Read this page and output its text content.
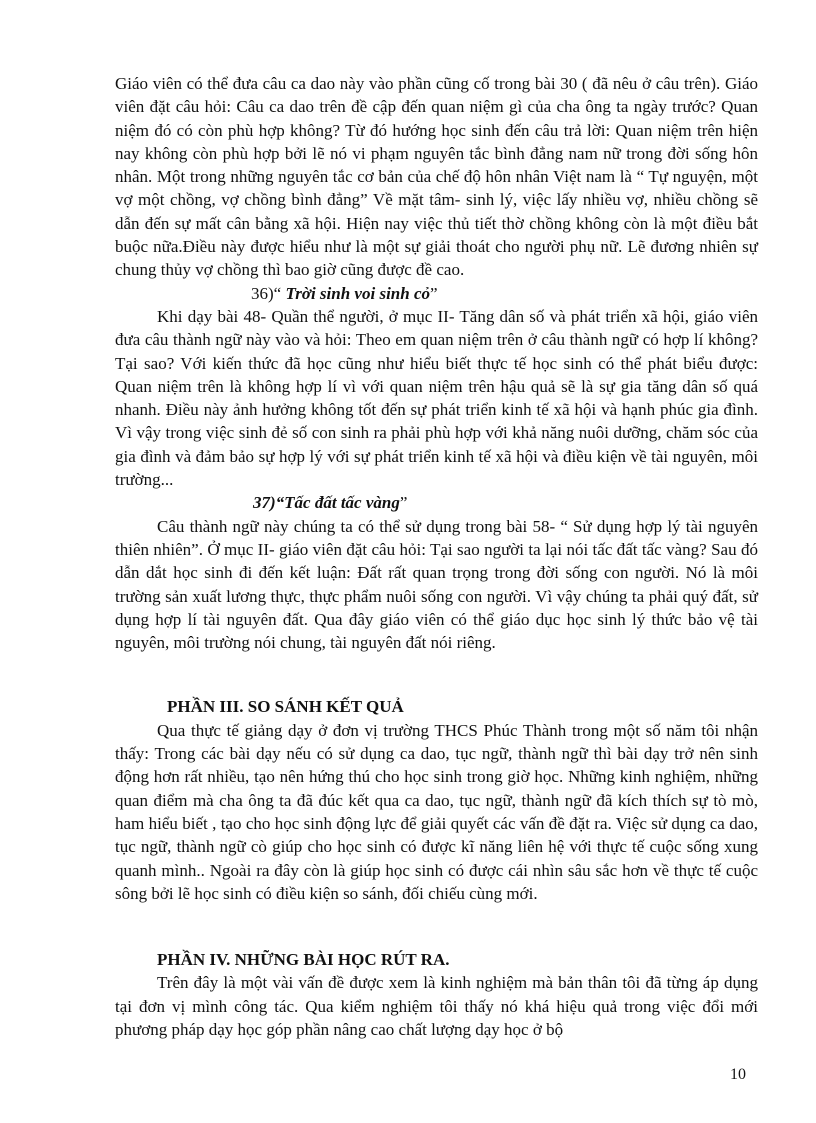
Giáo viên có thể đưa câu ca dao này vào phần cũng cố trong bài 30 ( đã nêu ở câu trên). Giáo viên đặt câu hỏi: Câu ca dao trên đề cập đến quan niệm gì của cha ông ta ngày trước? Quan niệm đó có còn phù hợp không? Từ đó hướng học sinh đến câu trả lời: Quan niệm trên hiện nay không còn phù hợp bởi lẽ nó vi phạm nguyên tắc bình đẳng nam nữ trong đời sống hôn nhân. Một trong những nguyên tắc cơ bản của chế độ hôn nhân Việt nam là “ Tự nguyện, một vợ một chồng, vợ chồng bình đẳng” Về mặt tâm- sinh lý, việc lấy nhiều vợ, nhiều chồng sẽ dẫn đến sự mất cân bằng xã hội. Hiện nay việc thủ tiết thờ chồng không còn là một điều bắt buộc nữa.Điều này được hiểu như là một sự giải thoát cho người phụ nữ. Lẽ đương nhiên sự chung thủy vợ chồng thì bao giờ cũng được đề cao.

36)“ Trời sinh voi sinh cỏ”

Khi dạy bài 48- Quần thể người, ở mục II- Tăng dân số và phát triển xã hội, giáo viên đưa câu thành ngữ này vào và hỏi: Theo em quan niệm trên ở câu thành ngữ có hợp lí không? Tại sao? Với kiến thức đã học cũng như hiểu biết thực tế học sinh có thể phát biểu được: Quan niệm trên là không hợp lí vì với quan niệm trên hậu quả sẽ là sự gia tăng dân số quá nhanh. Điều này ảnh hưởng không tốt đến sự phát triển kinh tế xã hội và hạnh phúc gia đình. Vì vậy trong việc sinh đẻ số con sinh ra phải phù hợp với khả năng nuôi dưỡng, chăm sóc của gia đình và đảm bảo sự hợp lý với sự phát triển kinh tế xã hội và điều kiện về tài nguyên, môi trường...

37)“Tấc đất tấc vàng”

Câu thành ngữ này chúng ta có thể sử dụng trong bài 58- “ Sử dụng hợp lý tài nguyên thiên nhiên”. Ở mục II- giáo viên đặt câu hỏi: Tại sao người ta lại nói tấc đất tấc vàng? Sau đó dẫn dắt học sinh đi đến kết luận: Đất rất quan trọng trong đời sống con người. Nó là môi trường sản xuất lương thực, thực phẩm nuôi sống con người. Vì vậy chúng ta phải quý đất, sử dụng hợp lí tài nguyên đất. Qua đây giáo viên có thể giáo dục học sinh lý thức bảo vệ tài nguyên, môi trường nói chung, tài nguyên đất nói riêng.

PHẦN III. SO SÁNH KẾT QUẢ

Qua thực tế giảng dạy ở đơn vị trường THCS Phúc Thành trong một số năm tôi nhận thấy: Trong các bài dạy nếu có sử dụng ca dao, tục ngữ, thành ngữ thì bài dạy trở nên sinh động hơn rất nhiều, tạo nên hứng thú cho học sinh trong giờ học. Những kinh nghiệm, những quan điểm mà cha ông ta đã đúc kết qua ca dao, tục ngữ, thành ngữ đã kích thích sự tò mò, ham hiểu biết , tạo cho học sinh động lực để giải quyết các vấn đề đặt ra. Việc sử dụng ca dao, tục ngữ, thành ngữ cò giúp cho học sinh có được kĩ năng liên hệ với thực tế cuộc sống xung quanh mình.. Ngoài ra đây còn là giúp học sinh có được cái nhìn sâu sắc hơn về thực tế cuộc sông bởi lẽ học sinh có điều kiện so sánh, đối chiếu cùng mới.

PHẦN IV. NHỮNG BÀI HỌC RÚT RA.

Trên đây là một vài vấn đề được xem là kinh nghiệm mà bản thân tôi đã từng áp dụng tại đơn vị mình công tác. Qua kiểm nghiệm tôi thấy nó khá hiệu quả trong việc đổi mới phương pháp dạy học góp phần nâng cao chất lượng dạy học ở bộ

10
